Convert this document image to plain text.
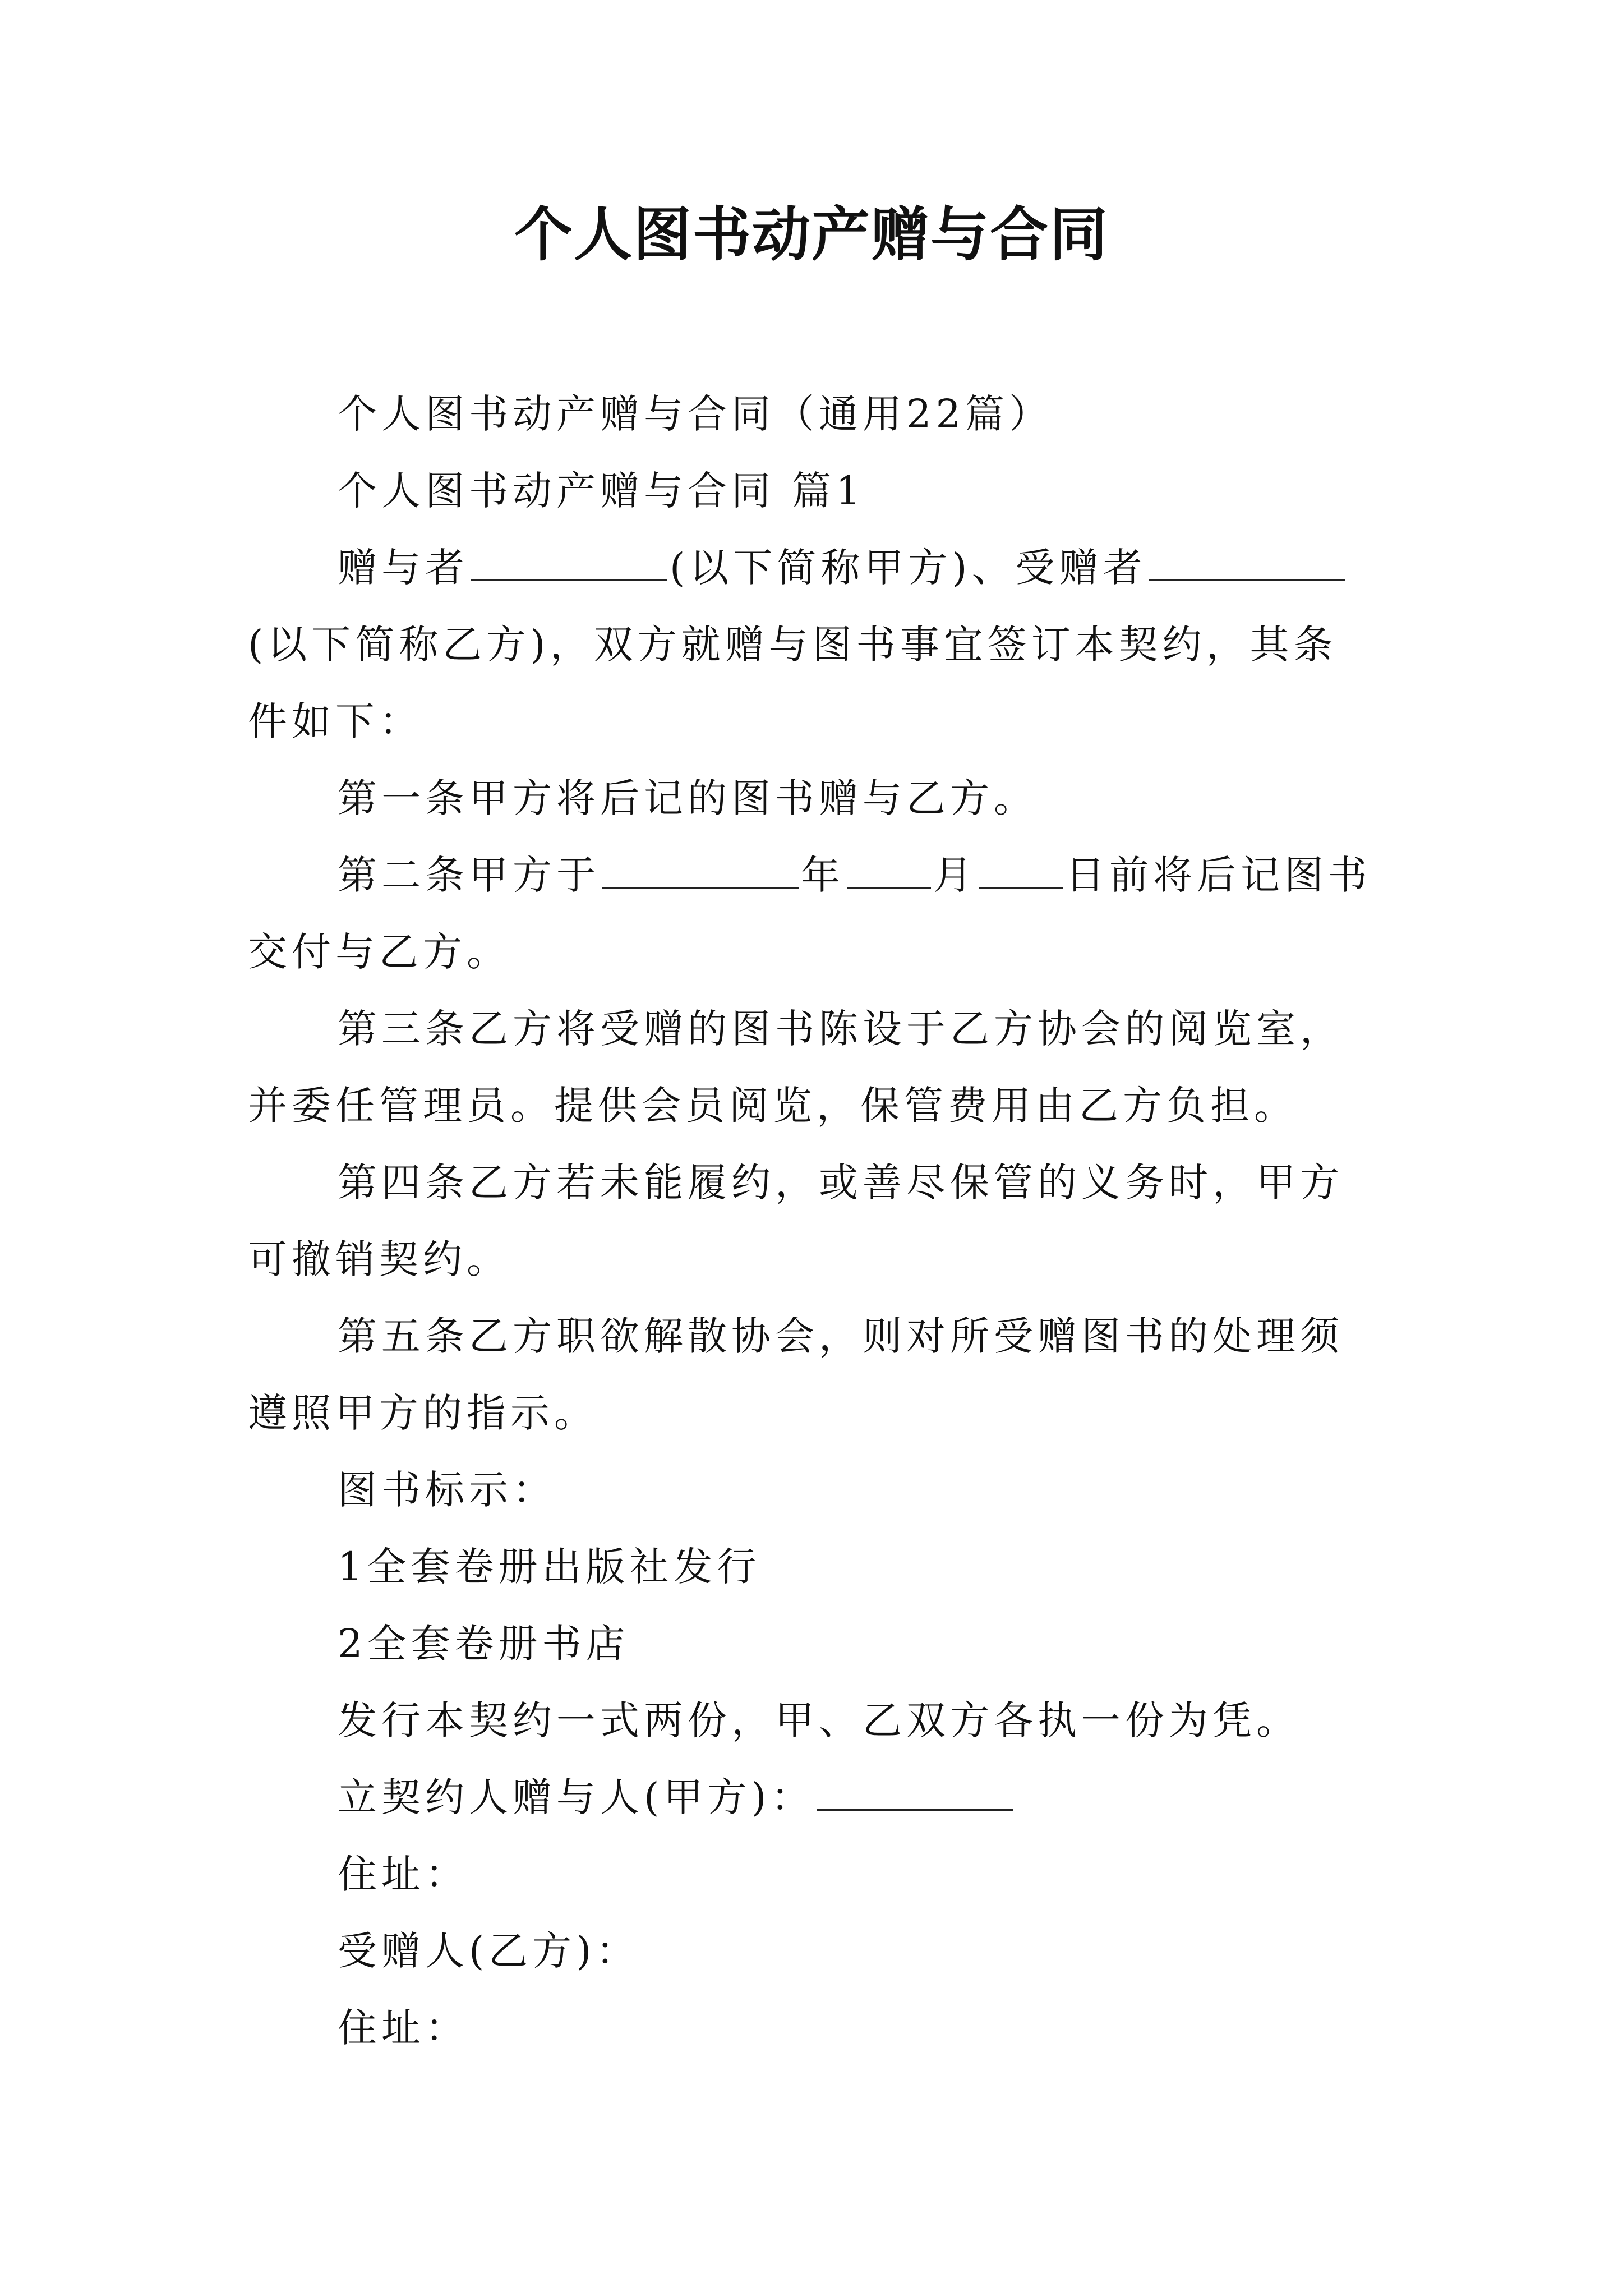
个人图书动产赠与合同

个人图书动产赠与合同（通用22篇）

个人图书动产赠与合同 篇1

赠与者	(以下简称甲方)、受赠者(以下简称乙方)，双方就赠与图书事宜签订本契约，其条件如下：

第一条甲方将后记的图书赠与乙方。

第二条甲方于	年 月 日前将后记图书交付与乙方。

第三条乙方将受赠的图书陈设于乙方协会的阅览室，并委任管理员。提供会员阅览，保管费用由乙方负担。

第四条乙方若未能履约，或善尽保管的义务时，甲方可撤销契约。

第五条乙方职欲解散协会，则对所受赠图书的处理须遵照甲方的指示。

图书标示：

1全套卷册出版社发行

2全套卷册书店

发行本契约一式两份，甲、乙双方各执一份为凭。

立契约人赠与人(甲方)：

住址：

受赠人(乙方)：

住址：
